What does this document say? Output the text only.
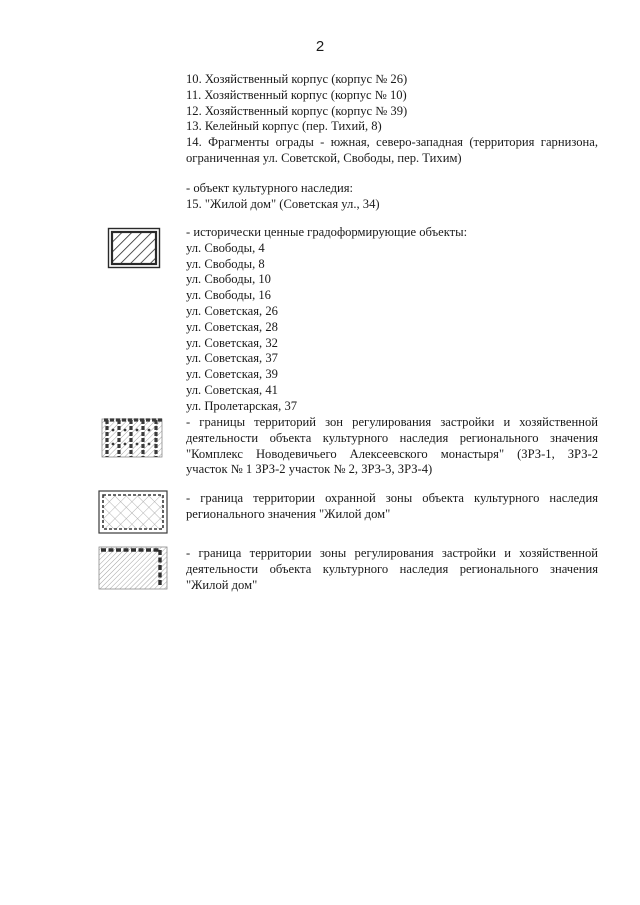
2
10. Хозяйственный корпус (корпус № 26)
11. Хозяйственный корпус (корпус № 10)
12. Хозяйственный корпус (корпус № 39)
13. Келейный корпус (пер. Тихий, 8)
14. Фрагменты ограды - южная, северо-западная (территория гарнизона,
ограниченная ул. Советской, Свободы, пер. Тихим)
- объект культурного наследия:
15. "Жилой дом" (Советская ул., 34)
- исторически ценные градоформирующие объекты:
ул. Свободы, 4
ул. Свободы, 8
ул. Свободы, 10
ул. Свободы, 16
ул. Советская, 26
ул. Советская, 28
ул. Советская, 32
ул. Советская, 37
ул. Советская, 39
ул. Советская, 41
ул. Пролетарская, 37
- границы территорий зон регулирования застройки и хозяйственной
деятельности объекта культурного наследия регионального значения
"Комплекс Новодевичьего Алексеевского монастыря" (ЗРЗ-1, ЗРЗ-2
участок № 1 ЗРЗ-2 участок № 2, ЗРЗ-3, ЗРЗ-4)
- граница территории охранной зоны объекта культурного наследия
регионального значения "Жилой дом"
- граница территории зоны регулирования застройки и хозяйственной
деятельности объекта культурного наследия регионального значения
"Жилой дом"
